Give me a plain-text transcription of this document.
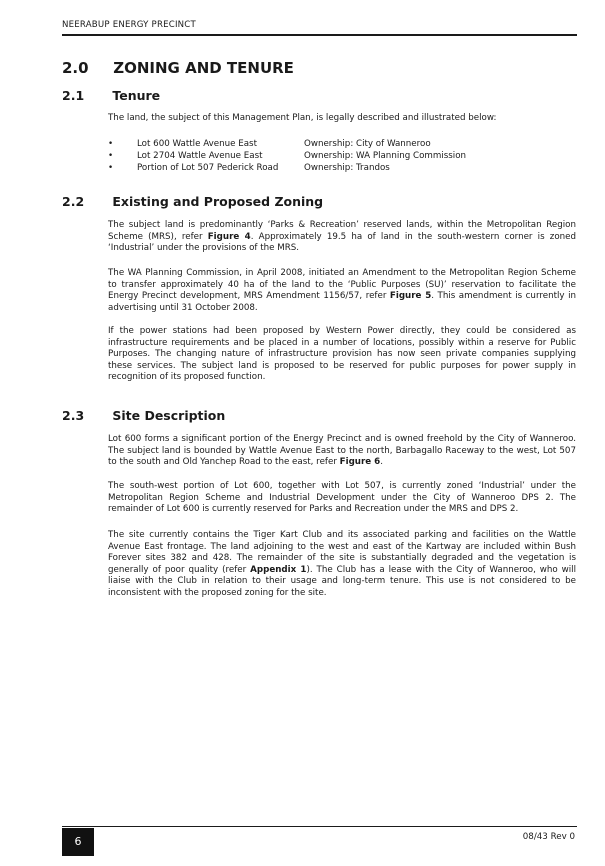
NEERABUP ENERGY PRECINCT
2.0 ZONING AND TENURE
2.1 Tenure

The land, the subject of this Management Plan, is legally described and illustrated below:

•	Lot 600 Wattle Avenue East	Ownership: City of Wanneroo
•	Lot 2704 Wattle Avenue East	Ownership: WA Planning Commission
•	Portion of Lot 507 Pederick Road	Ownership: Trandos
2.2 Existing and Proposed Zoning

The subject land is predominantly ‘Parks & Recreation’ reserved lands, within the Metropolitan Region Scheme (MRS), refer Figure 4. Approximately 19.5 ha of land in the south-western corner is zoned ‘Industrial’ under the provisions of the MRS.

The WA Planning Commission, in April 2008, initiated an Amendment to the Metropolitan Region Scheme to transfer approximately 40 ha of the land to the ‘Public Purposes (SU)’ reservation to facilitate the Energy Precinct development, MRS Amendment 1156/57, refer Figure 5. This amendment is currently in advertising until 31 October 2008.

If the power stations had been proposed by Western Power directly, they could be considered as infrastructure requirements and be placed in a number of locations, possibly within a reserve for Public Purposes. The changing nature of infrastructure provision has now seen private companies supplying these services. The subject land is proposed to be reserved for public purposes for power supply in recognition of its proposed function.

2.3 Site Description

Lot 600 forms a significant portion of the Energy Precinct and is owned freehold by the City of Wanneroo. The subject land is bounded by Wattle Avenue East to the north, Barbagallo Raceway to the west, Lot 507 to the south and Old Yanchep Road to the east, refer Figure 6.

The south-west portion of Lot 600, together with Lot 507, is currently zoned ‘Industrial’ under the Metropolitan Region Scheme and Industrial Development under the City of Wanneroo DPS 2. The remainder of Lot 600 is currently reserved for Parks and Recreation under the MRS and DPS 2.

The site currently contains the Tiger Kart Club and its associated parking and facilities on the Wattle Avenue East frontage. The land adjoining to the west and east of the Kartway are included within Bush Forever sites 382 and 428. The remainder of the site is substantially degraded and the vegetation is generally of poor quality (refer Appendix 1). The Club has a lease with the City of Wanneroo, who will liaise with the Club in relation to their usage and long-term tenure. This use is not considered to be inconsistent with the proposed zoning for the site.

6	08/43 Rev 0
